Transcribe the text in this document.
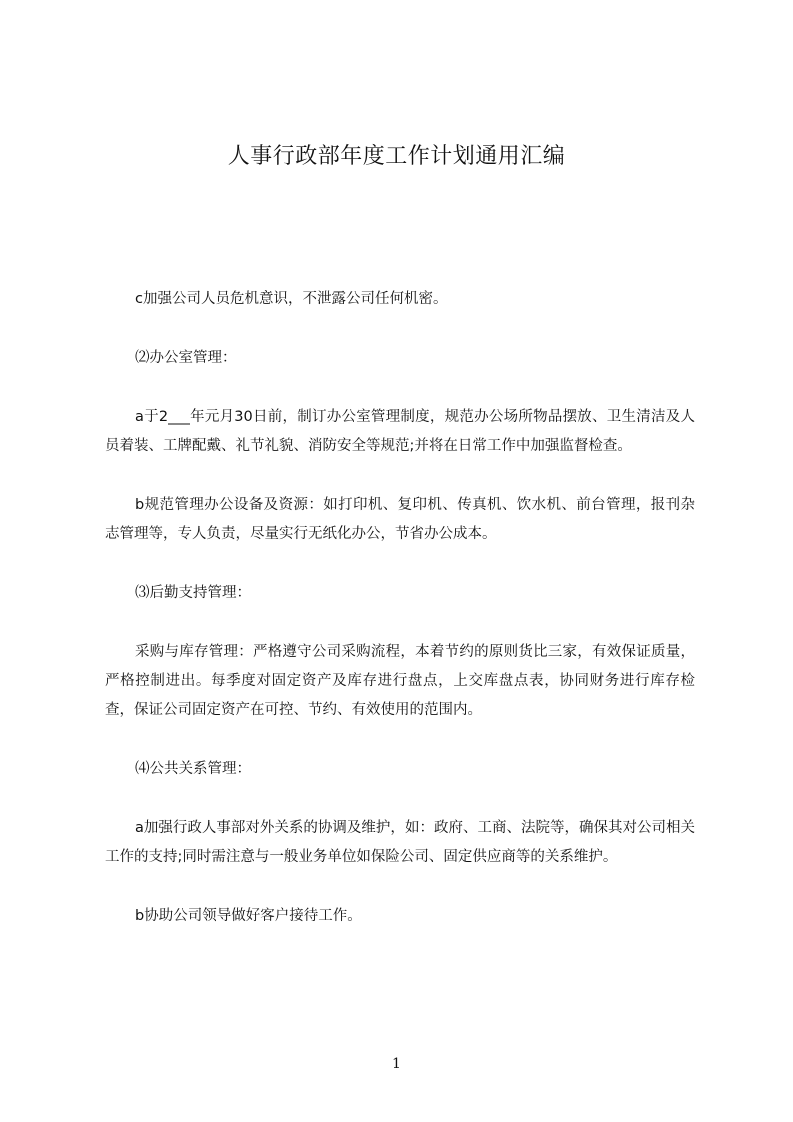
人事行政部年度工作计划通用汇编

c加强公司人员危机意识，不泄露公司任何机密。

⑵办公室管理：

a于2___年元月30日前，制订办公室管理制度，规范办公场所物品摆放、卫生清洁及人员着装、工牌配戴、礼节礼貌、消防安全等规范;并将在日常工作中加强监督检查。

b规范管理办公设备及资源：如打印机、复印机、传真机、饮水机、前台管理，报刊杂志管理等，专人负责，尽量实行无纸化办公，节省办公成本。

⑶后勤支持管理：

采购与库存管理：严格遵守公司采购流程，本着节约的原则货比三家，有效保证质量，严格控制进出。每季度对固定资产及库存进行盘点，上交库盘点表，协同财务进行库存检查，保证公司固定资产在可控、节约、有效使用的范围内。

⑷公共关系管理：

a加强行政人事部对外关系的协调及维护，如：政府、工商、法院等，确保其对公司相关工作的支持;同时需注意与一般业务单位如保险公司、固定供应商等的关系维护。

b协助公司领导做好客户接待工作。

1
